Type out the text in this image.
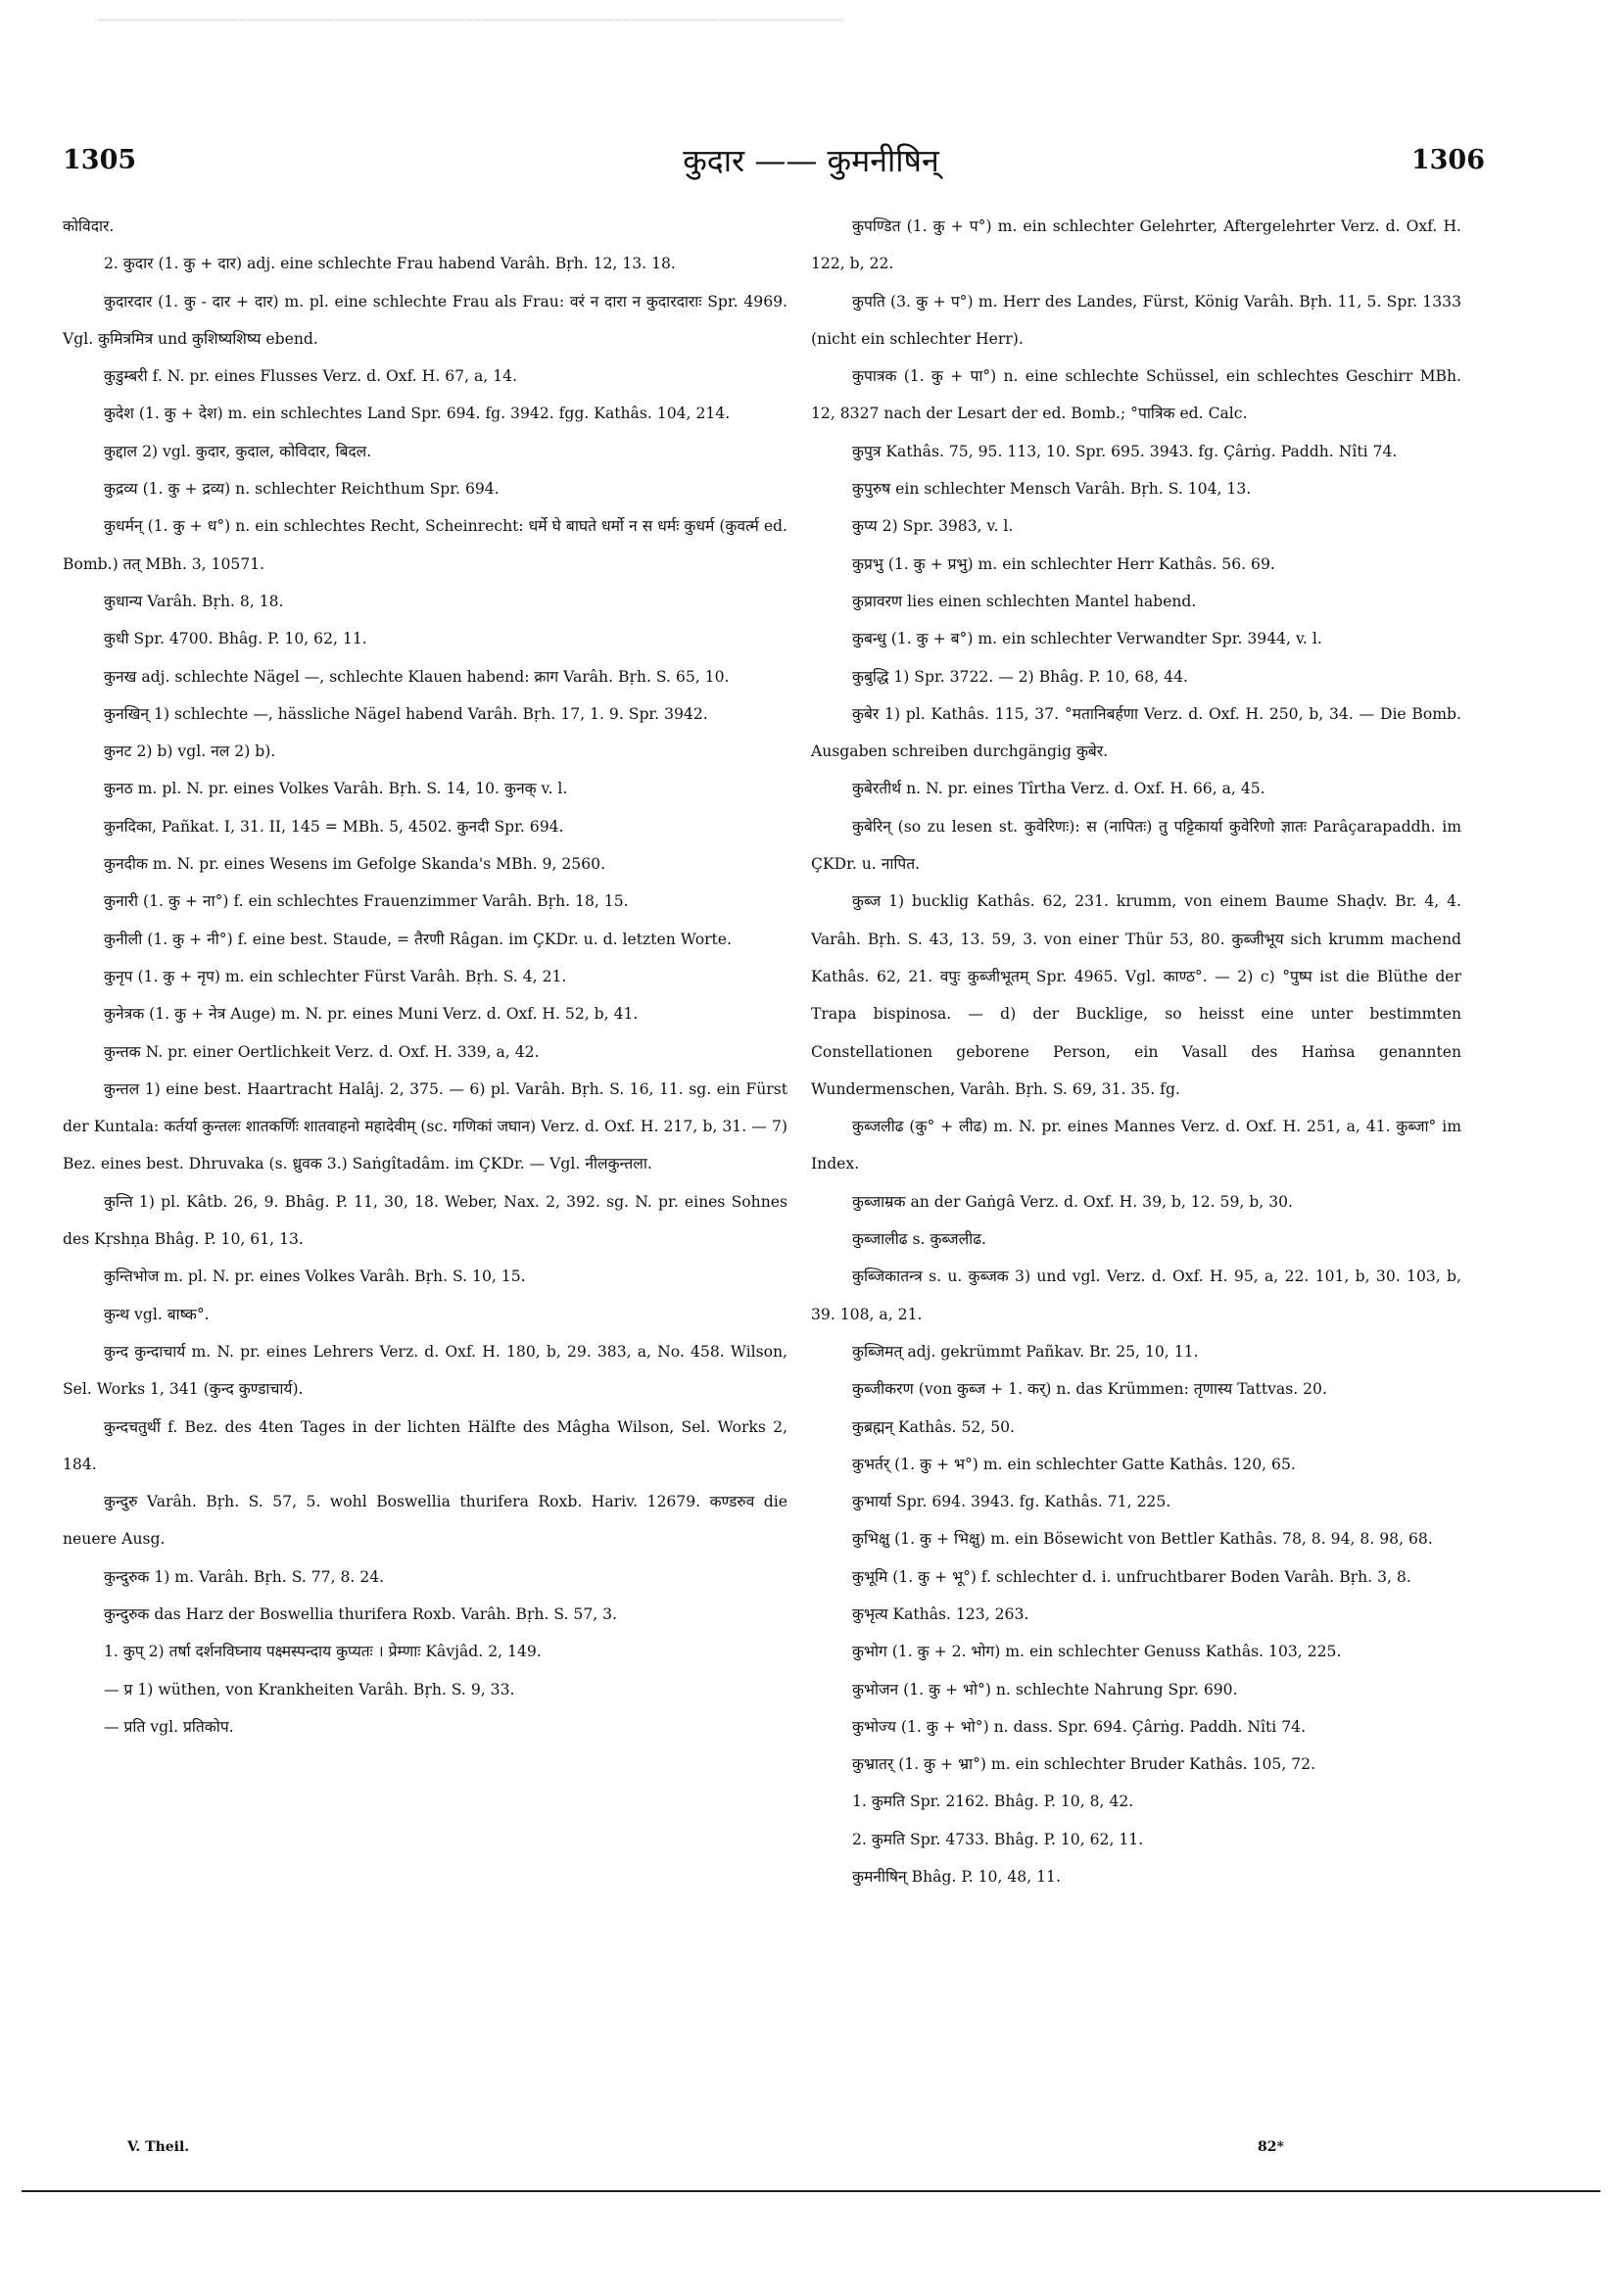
1305	कुदार —— कुमनीषिन्	1306

कोविदार.

2. कुदार (1. कु + दार) adj. eine schlechte Frau habend Varâh. Bṛh. 12, 13. 18.

कुदारदार (1. कु - दार + दार) m. pl. eine schlechte Frau als Frau: वरं न दारा न कुदारदाराः Spr. 4969. Vgl. कुमित्रमित्र und कुशिष्यशिष्य ebend.

कुडुम्बरी f. N. pr. eines Flusses Verz. d. Oxf. H. 67, a, 14.

कुदेश (1. कु + देश) m. ein schlechtes Land Spr. 694. fg. 3942. fgg. Kathâs. 104, 214.

कुद्दाल 2) vgl. कुदार, कुदाल, कोविदार, बिदल.

कुद्रव्य (1. कु + द्रव्य) n. schlechter Reichthum Spr. 694.

कुधर्मन् (1. कु + ध°) n. ein schlechtes Recht, Scheinrecht: धर्मे घे बाघते धर्मो न स धर्मः कुधर्म (कुवर्त्म ed. Bomb.) तत् MBh. 3, 10571.

कुधान्य Varâh. Bṛh. 8, 18.

कुधी Spr. 4700. Bhâg. P. 10, 62, 11.

कुनख adj. schlechte Nägel —, schlechte Klauen habend: क्राग Varâh. Bṛh. S. 65, 10.

कुनखिन् 1) schlechte —, hässliche Nägel habend Varâh. Bṛh. 17, 1. 9. Spr. 3942.

कुनट 2) b) vgl. नल 2) b).

कुनठ m. pl. N. pr. eines Volkes Varâh. Bṛh. S. 14, 10. कुनक् v. l.

कुनदिका, Pañkat. I, 31. II, 145 = MBh. 5, 4502. कुनदी Spr. 694.

कुनदीक m. N. pr. eines Wesens im Gefolge Skanda's MBh. 9, 2560.

कुनारी (1. कु + ना°) f. ein schlechtes Frauenzimmer Varâh. Bṛh. 18, 15.

कुनीली (1. कु + नी°) f. eine best. Staude, = तैरणी Râgan. im ÇKDr. u. d. letzten Worte.

कुनृप (1. कु + नृप) m. ein schlechter Fürst Varâh. Bṛh. S. 4, 21.

कुनेत्रक (1. कु + नेत्र Auge) m. N. pr. eines Muni Verz. d. Oxf. H. 52, b, 41.

कुन्तक N. pr. einer Oertlichkeit Verz. d. Oxf. H. 339, a, 42.

कुन्तल 1) eine best. Haartracht Halâj. 2, 375. — 6) pl. Varâh. Bṛh. S. 16, 11. sg. ein Fürst der Kuntala: कर्तर्या कुन्तलः शातकर्णिः शातवाहनो महादेवीम् (sc. गणिकां जघान) Verz. d. Oxf. H. 217, b, 31. — 7) Bez. eines best. Dhruvaka (s. ध्रुवक 3.) Saṅgîtadâm. im ÇKDr. — Vgl. नीलकुन्तला.

कुन्ति 1) pl. Kâtb. 26, 9. Bhâg. P. 11, 30, 18. Weber, Nax. 2, 392. sg. N. pr. eines Sohnes des Kṛshṇa Bhâg. P. 10, 61, 13.

कुन्तिभोज m. pl. N. pr. eines Volkes Varâh. Bṛh. S. 10, 15.

कुन्थ vgl. बाष्क°.

कुन्द कुन्दाचार्य m. N. pr. eines Lehrers Verz. d. Oxf. H. 180, b, 29. 383, a, No. 458. Wilson, Sel. Works 1, 341 (कुन्द कुण्डाचार्य).

कुन्दचतुर्थी f. Bez. des 4ten Tages in der lichten Hälfte des Mâgha Wilson, Sel. Works 2, 184.

कुन्दुरु Varâh. Bṛh. S. 57, 5. wohl Boswellia thurifera Roxb. Hariv. 12679. कण्डरुव die neuere Ausg.

कुन्दुरुक 1) m. Varâh. Bṛh. S. 77, 8. 24.

कुन्दुरुक das Harz der Boswellia thurifera Roxb. Varâh. Bṛh. S. 57, 3.

1. कुप् 2) तर्षा दर्शनविघ्नाय पक्ष्मस्पन्दाय कुप्यतः । प्रेम्णाः Kâvjâd. 2, 149.

— प्र 1) wüthen, von Krankheiten Varâh. Bṛh. S. 9, 33.

— प्रति vgl. प्रतिकोप.

कुपण्डित (1. कु + प°) m. ein schlechter Gelehrter, Aftergelehrter Verz. d. Oxf. H. 122, b, 22.

कुपति (3. कु + प°) m. Herr des Landes, Fürst, König Varâh. Bṛh. 11, 5. Spr. 1333 (nicht ein schlechter Herr).

कुपात्रक (1. कु + पा°) n. eine schlechte Schüssel, ein schlechtes Geschirr MBh. 12, 8327 nach der Lesart der ed. Bomb.; °पात्रिक ed. Calc.

कुपुत्र Kathâs. 75, 95. 113, 10. Spr. 695. 3943. fg. Çârṅg. Paddh. Nîti 74.

कुपुरुष ein schlechter Mensch Varâh. Bṛh. S. 104, 13.

कुप्य 2) Spr. 3983, v. l.

कुप्रभु (1. कु + प्रभु) m. ein schlechter Herr Kathâs. 56. 69.

कुप्रावरण lies einen schlechten Mantel habend.

कुबन्धु (1. कु + ब°) m. ein schlechter Verwandter Spr. 3944, v. l.

कुबुद्धि 1) Spr. 3722. — 2) Bhâg. P. 10, 68, 44.

कुबेर 1) pl. Kathâs. 115, 37. °मतानिबर्हणा Verz. d. Oxf. H. 250, b, 34. — Die Bomb. Ausgaben schreiben durchgängig कुबेर.

कुबेरतीर्थ n. N. pr. eines Tîrtha Verz. d. Oxf. H. 66, a, 45.

कुबेरिन् (so zu lesen st. कुवेरिणः): स (नापितः) तु पट्टिकार्या कुवेरिणो ज्ञातः Parâçarapaddh. im ÇKDr. u. नापित.

कुब्ज 1) bucklig Kathâs. 62, 231. krumm, von einem Baume Shaḍv. Br. 4, 4. Varâh. Bṛh. S. 43, 13. 59, 3. von einer Thür 53, 80. कुब्जीभूय sich krumm machend Kathâs. 62, 21. वपुः कुब्जीभूतम् Spr. 4965. Vgl. काण्ठ°. — 2) c) °पुष्प ist die Blüthe der Trapa bispinosa. — d) der Bucklige, so heisst eine unter bestimmten Constellationen geborene Person, ein Vasall des Haṁsa genannten Wundermenschen, Varâh. Bṛh. S. 69, 31. 35. fg.

कुब्जलीढ (कु° + लीढ) m. N. pr. eines Mannes Verz. d. Oxf. H. 251, a, 41. कुब्जा° im Index.

कुब्जाम्रक an der Gaṅgâ Verz. d. Oxf. H. 39, b, 12. 59, b, 30.

कुब्जालीढ s. कुब्जलीढ.

कुब्जिकातन्त्र s. u. कुब्जक 3) und vgl. Verz. d. Oxf. H. 95, a, 22. 101, b, 30. 103, b, 39. 108, a, 21.

कुब्जिमत् adj. gekrümmt Pañkav. Br. 25, 10, 11.

कुब्जीकरण (von कुब्ज + 1. कर्) n. das Krümmen: तृणास्य Tattvas. 20.

कुब्रह्मन् Kathâs. 52, 50.

कुभर्तर् (1. कु + भ°) m. ein schlechter Gatte Kathâs. 120, 65.

कुभार्या Spr. 694. 3943. fg. Kathâs. 71, 225.

कुभिक्षु (1. कु + भिक्षु) m. ein Bösewicht von Bettler Kathâs. 78, 8. 94, 8. 98, 68.

कुभूमि (1. कु + भू°) f. schlechter d. i. unfruchtbarer Boden Varâh. Bṛh. 3, 8.

कुभृत्य Kathâs. 123, 263.

कुभोग (1. कु + 2. भोग) m. ein schlechter Genuss Kathâs. 103, 225.

कुभोजन (1. कु + भो°) n. schlechte Nahrung Spr. 690.

कुभोज्य (1. कु + भो°) n. dass. Spr. 694. Çârṅg. Paddh. Nîti 74.

कुभ्रातर् (1. कु + भ्रा°) m. ein schlechter Bruder Kathâs. 105, 72.

1. कुमति Spr. 2162. Bhâg. P. 10, 8, 42.

2. कुमति Spr. 4733. Bhâg. P. 10, 62, 11.

कुमनीषिन् Bhâg. P. 10, 48, 11.

V. Theil.	82*
